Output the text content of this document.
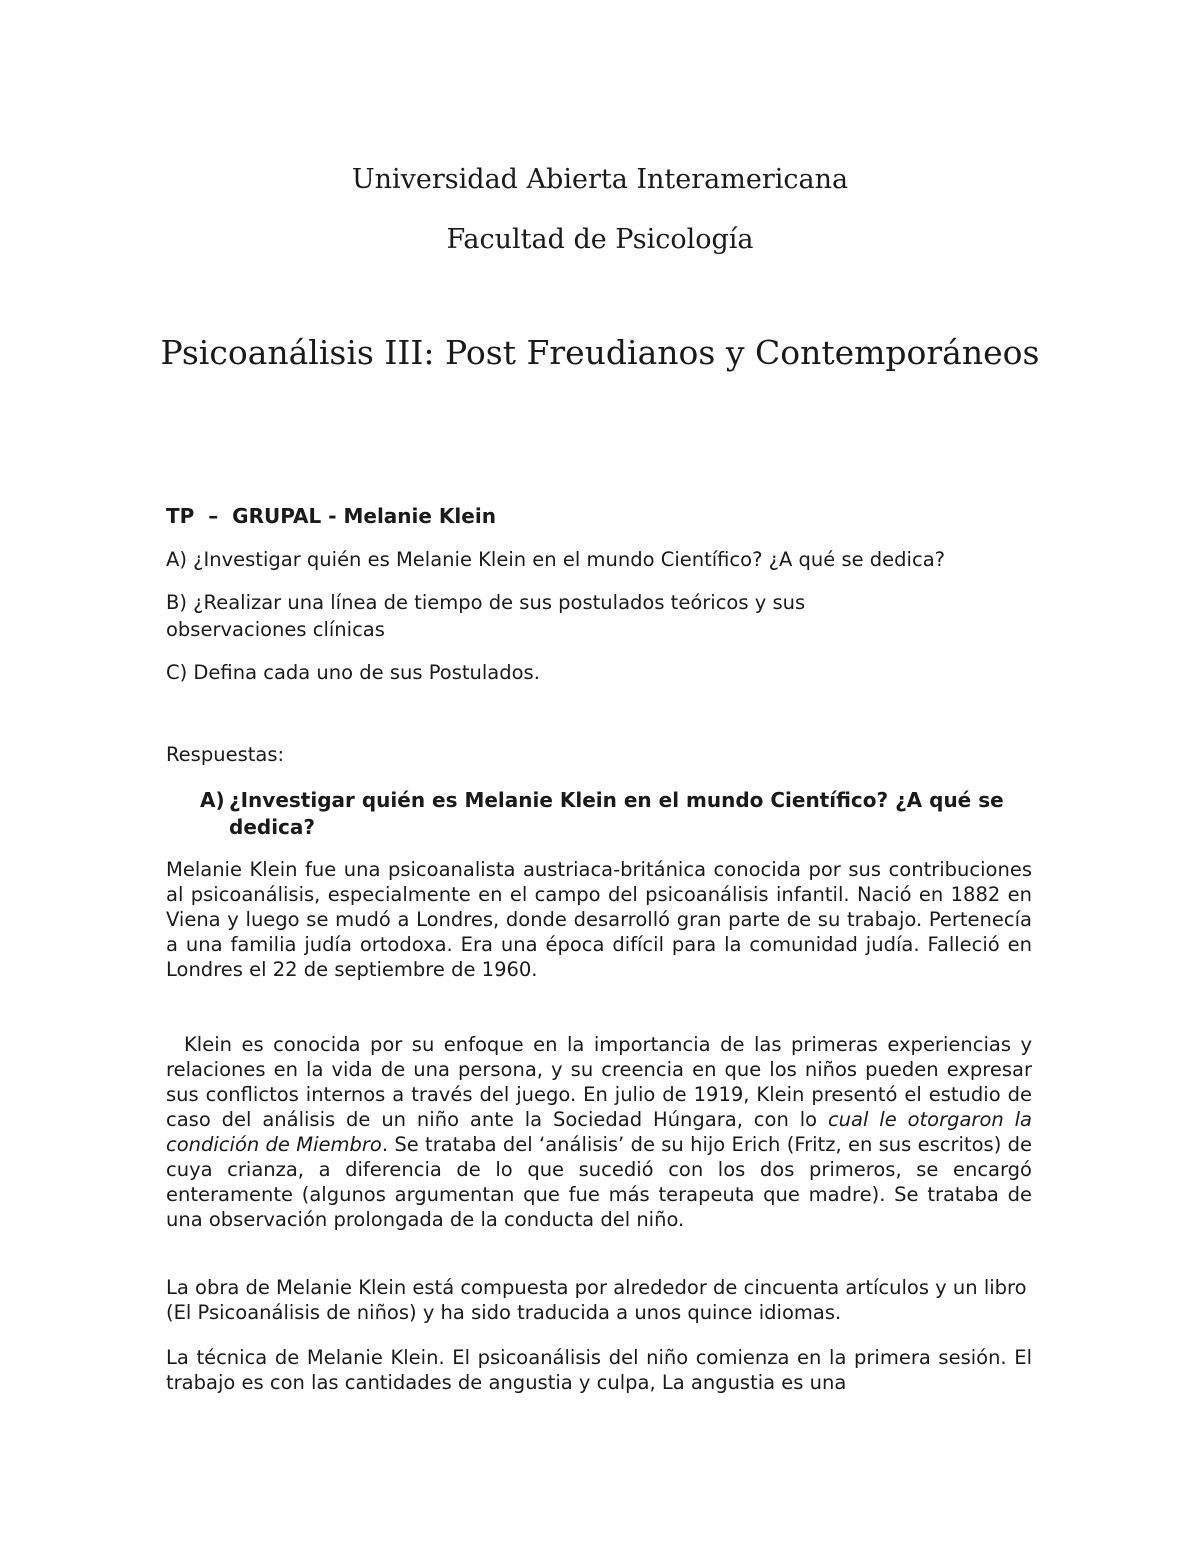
Universidad Abierta Interamericana
Facultad de Psicología
Psicoanálisis III: Post Freudianos y Contemporáneos
TP  –  GRUPAL - Melanie Klein
A) ¿Investigar quién es Melanie Klein en el mundo Científico? ¿A qué se dedica?
B) ¿Realizar una línea de tiempo de sus postulados teóricos y sus observaciones clínicas
C) Defina cada uno de sus Postulados.
Respuestas:
A) ¿Investigar quién es Melanie Klein en el mundo Científico? ¿A qué se dedica?
Melanie Klein fue una psicoanalista austriaca-británica conocida por sus contribuciones al psicoanálisis, especialmente en el campo del psicoanálisis infantil. Nació en 1882 en Viena y luego se mudó a Londres, donde desarrolló gran parte de su trabajo. Pertenecía a una familia judía ortodoxa. Era una época difícil para la comunidad judía. Falleció en Londres el 22 de septiembre de 1960.
Klein es conocida por su enfoque en la importancia de las primeras experiencias y relaciones en la vida de una persona, y su creencia en que los niños pueden expresar sus conflictos internos a través del juego. En julio de 1919, Klein presentó el estudio de caso del análisis de un niño ante la Sociedad Húngara, con lo cual le otorgaron la condición de Miembro. Se trataba del ‘análisis’ de su hijo Erich (Fritz, en sus escritos) de cuya crianza, a diferencia de lo que sucedió con los dos primeros, se encargó enteramente (algunos argumentan que fue más terapeuta que madre). Se trataba de una observación prolongada de la conducta del niño.
La obra de Melanie Klein está compuesta por alrededor de cincuenta artículos y un libro (El Psicoanálisis de niños) y ha sido traducida a unos quince idiomas.
La técnica de Melanie Klein. El psicoanálisis del niño comienza en la primera sesión. El trabajo es con las cantidades de angustia y culpa, La angustia es una
